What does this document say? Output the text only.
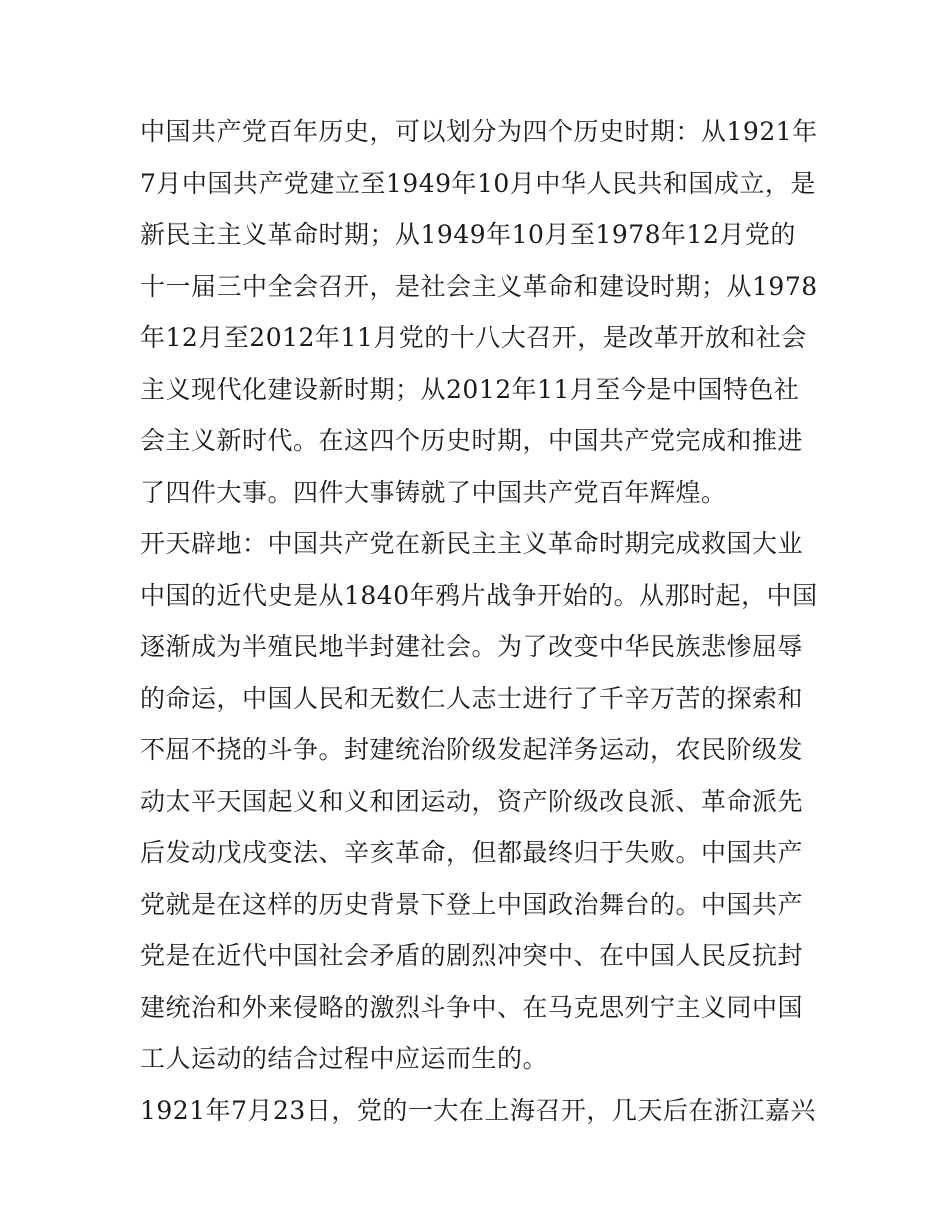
中国共产党百年历史，可以划分为四个历史时期：从1921年7月中国共产党建立至1949年10月中华人民共和国成立，是新民主主义革命时期；从1949年10月至1978年12月党的十一届三中全会召开，是社会主义革命和建设时期；从1978年12月至2012年11月党的十八大召开，是改革开放和社会主义现代化建设新时期；从2012年11月至今是中国特色社会主义新时代。在这四个历史时期，中国共产党完成和推进了四件大事。四件大事铸就了中国共产党百年辉煌。

开天辟地：中国共产党在新民主主义革命时期完成救国大业

中国的近代史是从1840年鸦片战争开始的。从那时起，中国逐渐成为半殖民地半封建社会。为了改变中华民族悲惨屈辱的命运，中国人民和无数仁人志士进行了千辛万苦的探索和不屈不挠的斗争。封建统治阶级发起洋务运动，农民阶级发动太平天国起义和义和团运动，资产阶级改良派、革命派先后发动戊戌变法、辛亥革命，但都最终归于失败。中国共产党就是在这样的历史背景下登上中国政治舞台的。中国共产党是在近代中国社会矛盾的剧烈冲突中、在中国人民反抗封建统治和外来侵略的激烈斗争中、在马克思列宁主义同中国工人运动的结合过程中应运而生的。

1921年7月23日，党的一大在上海召开，几天后在浙江嘉兴
